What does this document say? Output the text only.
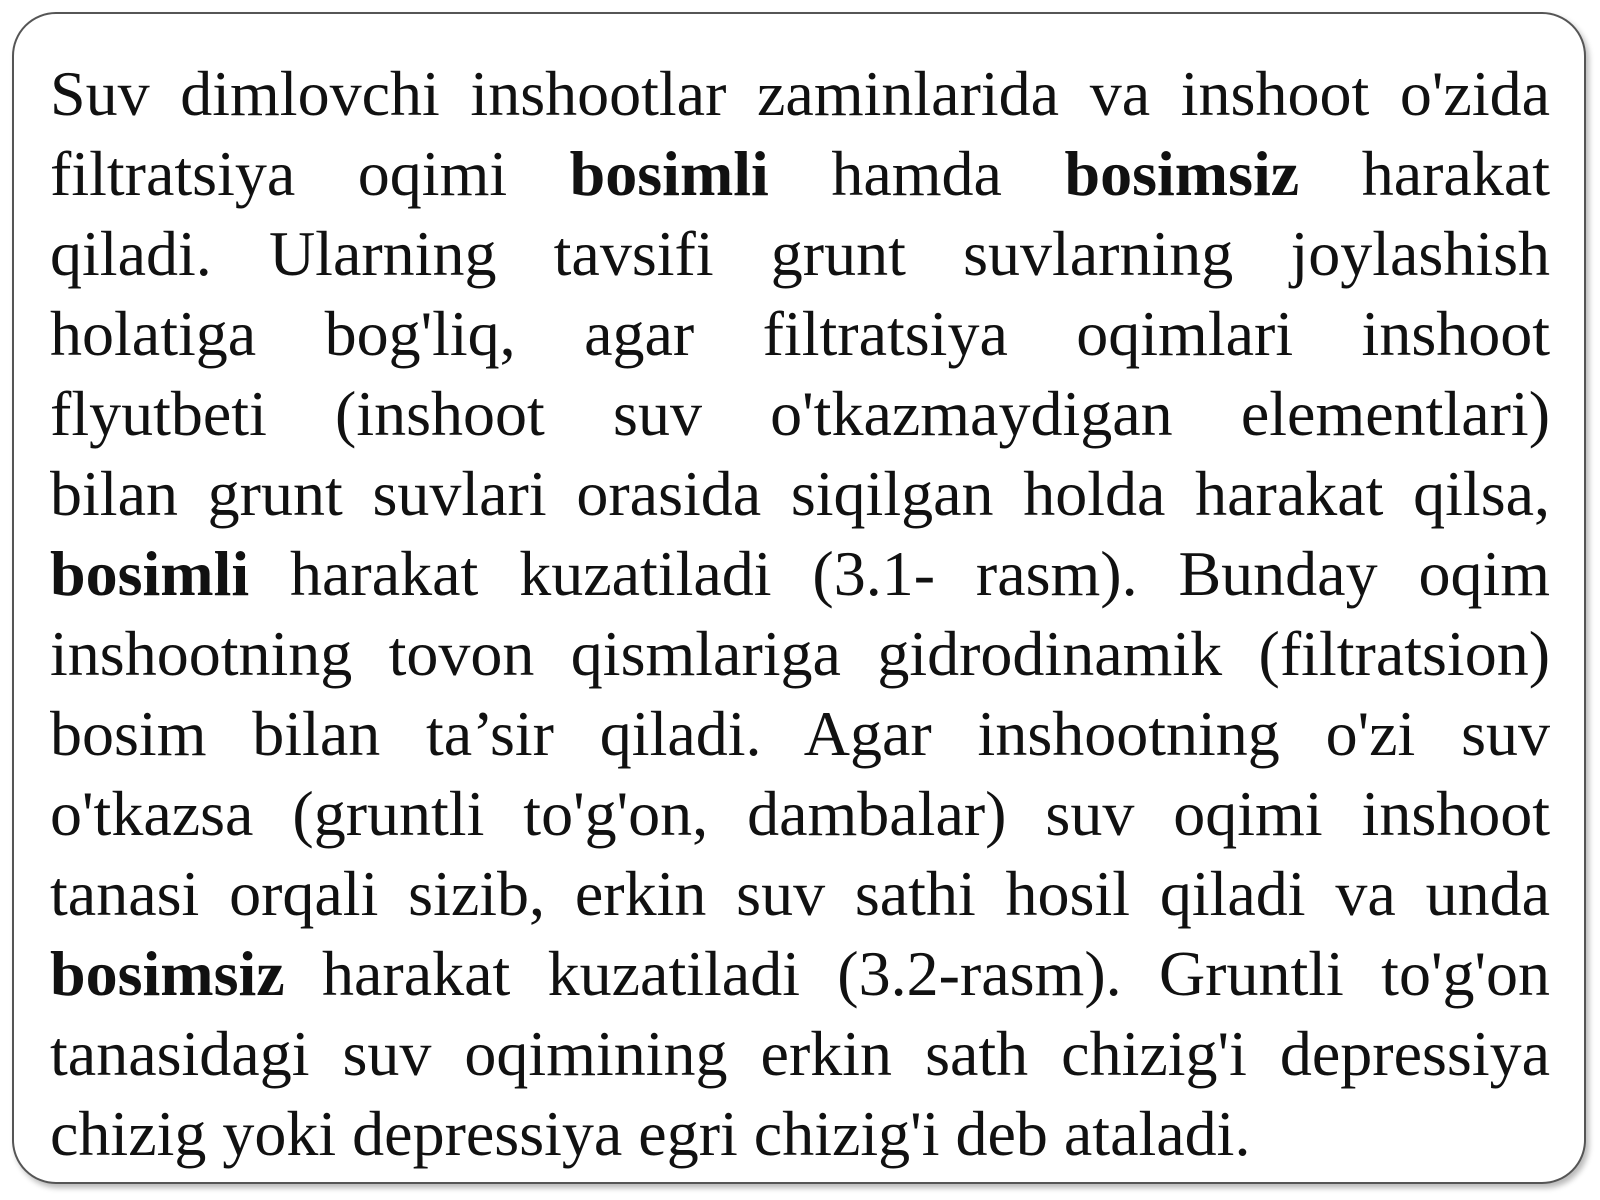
Suv dimlovchi inshootlar zaminlarida va inshoot o'zida
filtratsiya oqimi bosimli hamda bosimsiz harakat
qiladi. Ularning tavsifi grunt suvlarning joylashish
holatiga bog'liq, agar filtratsiya oqimlari inshoot
flyutbeti (inshoot suv o'tkazmaydigan elementlari)
bilan grunt suvlari orasida siqilgan holda harakat qilsa,
bosimli harakat kuzatiladi (3.1- rasm). Bunday oqim
inshootning tovon qismlariga gidrodinamik (filtratsion)
bosim bilan ta’sir qiladi. Agar inshootning o'zi suv
o'tkazsa (gruntli to'g'on, dambalar) suv oqimi inshoot
tanasi orqali sizib, erkin suv sathi hosil qiladi va unda
bosimsiz harakat kuzatiladi (3.2-rasm). Gruntli to'g'on
tanasidagi suv oqimining erkin sath chizig'i depressiya
chizig yoki depressiya egri chizig'i deb ataladi.
